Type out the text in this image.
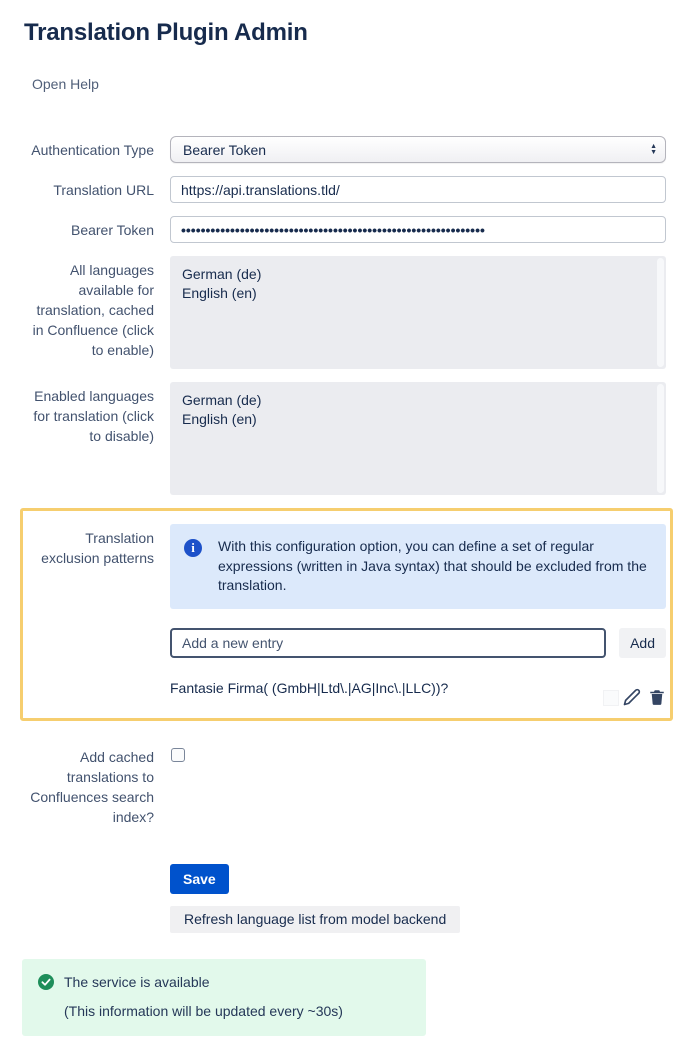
Translation Plugin Admin
Open Help
Authentication Type Bearer Token	▲
▼
Translation URL
https://api.translations.tld/
Bearer Token
••••••••••••••••••••••••••••••••••••••••••••••••••••••••••••••
All languages available for translation, cached in Confluence (click to enable)
German (de)
English (en)
Enabled languages for translation (click to disable)
German (de)
English (en)
Translation exclusion patterns
i	With this configuration option, you can define a set of regular expressions (written in Java syntax) that should be excluded from the translation.
Add a new entry
Add
Fantasie Firma( (GmbH|Ltd\.|AG|Inc\.|LLC))?
Add cached translations to Confluences search index?
Save
Refresh language list from model backend
The service is available
(This information will be updated every ~30s)
